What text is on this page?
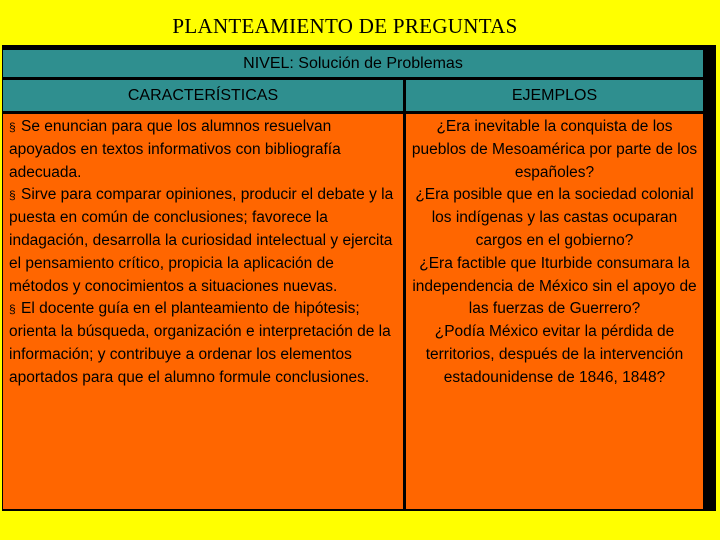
PLANTEAMIENTO DE PREGUNTAS
NIVEL: Solución de Problemas
CARACTERÍSTICAS	EJEMPLOS

§ Se enuncian para que los alumnos resuelvan apoyados en textos informativos con bibliografía adecuada.

§ Sirve para comparar opiniones, producir el debate y la puesta en común de conclusiones; favorece la indagación, desarrolla la curiosidad intelectual y ejercita el pensamiento crítico, propicia la aplicación de métodos y conocimientos a situaciones nuevas.

§ El docente guía en el planteamiento de hipótesis; orienta la búsqueda, organización e interpretación de la información; y contribuye a ordenar los elementos aportados para que el alumno formule conclusiones.

¿Era inevitable la conquista de los pueblos de Mesoamérica por parte de los españoles?

¿Era posible que en la sociedad colonial los indígenas y las castas ocuparan cargos en el gobierno?

¿Era factible que Iturbide consumara la independencia de México sin el apoyo de las fuerzas de Guerrero?

¿Podía México evitar la pérdida de territorios, después de la intervención estadounidense de 1846, 1848?
